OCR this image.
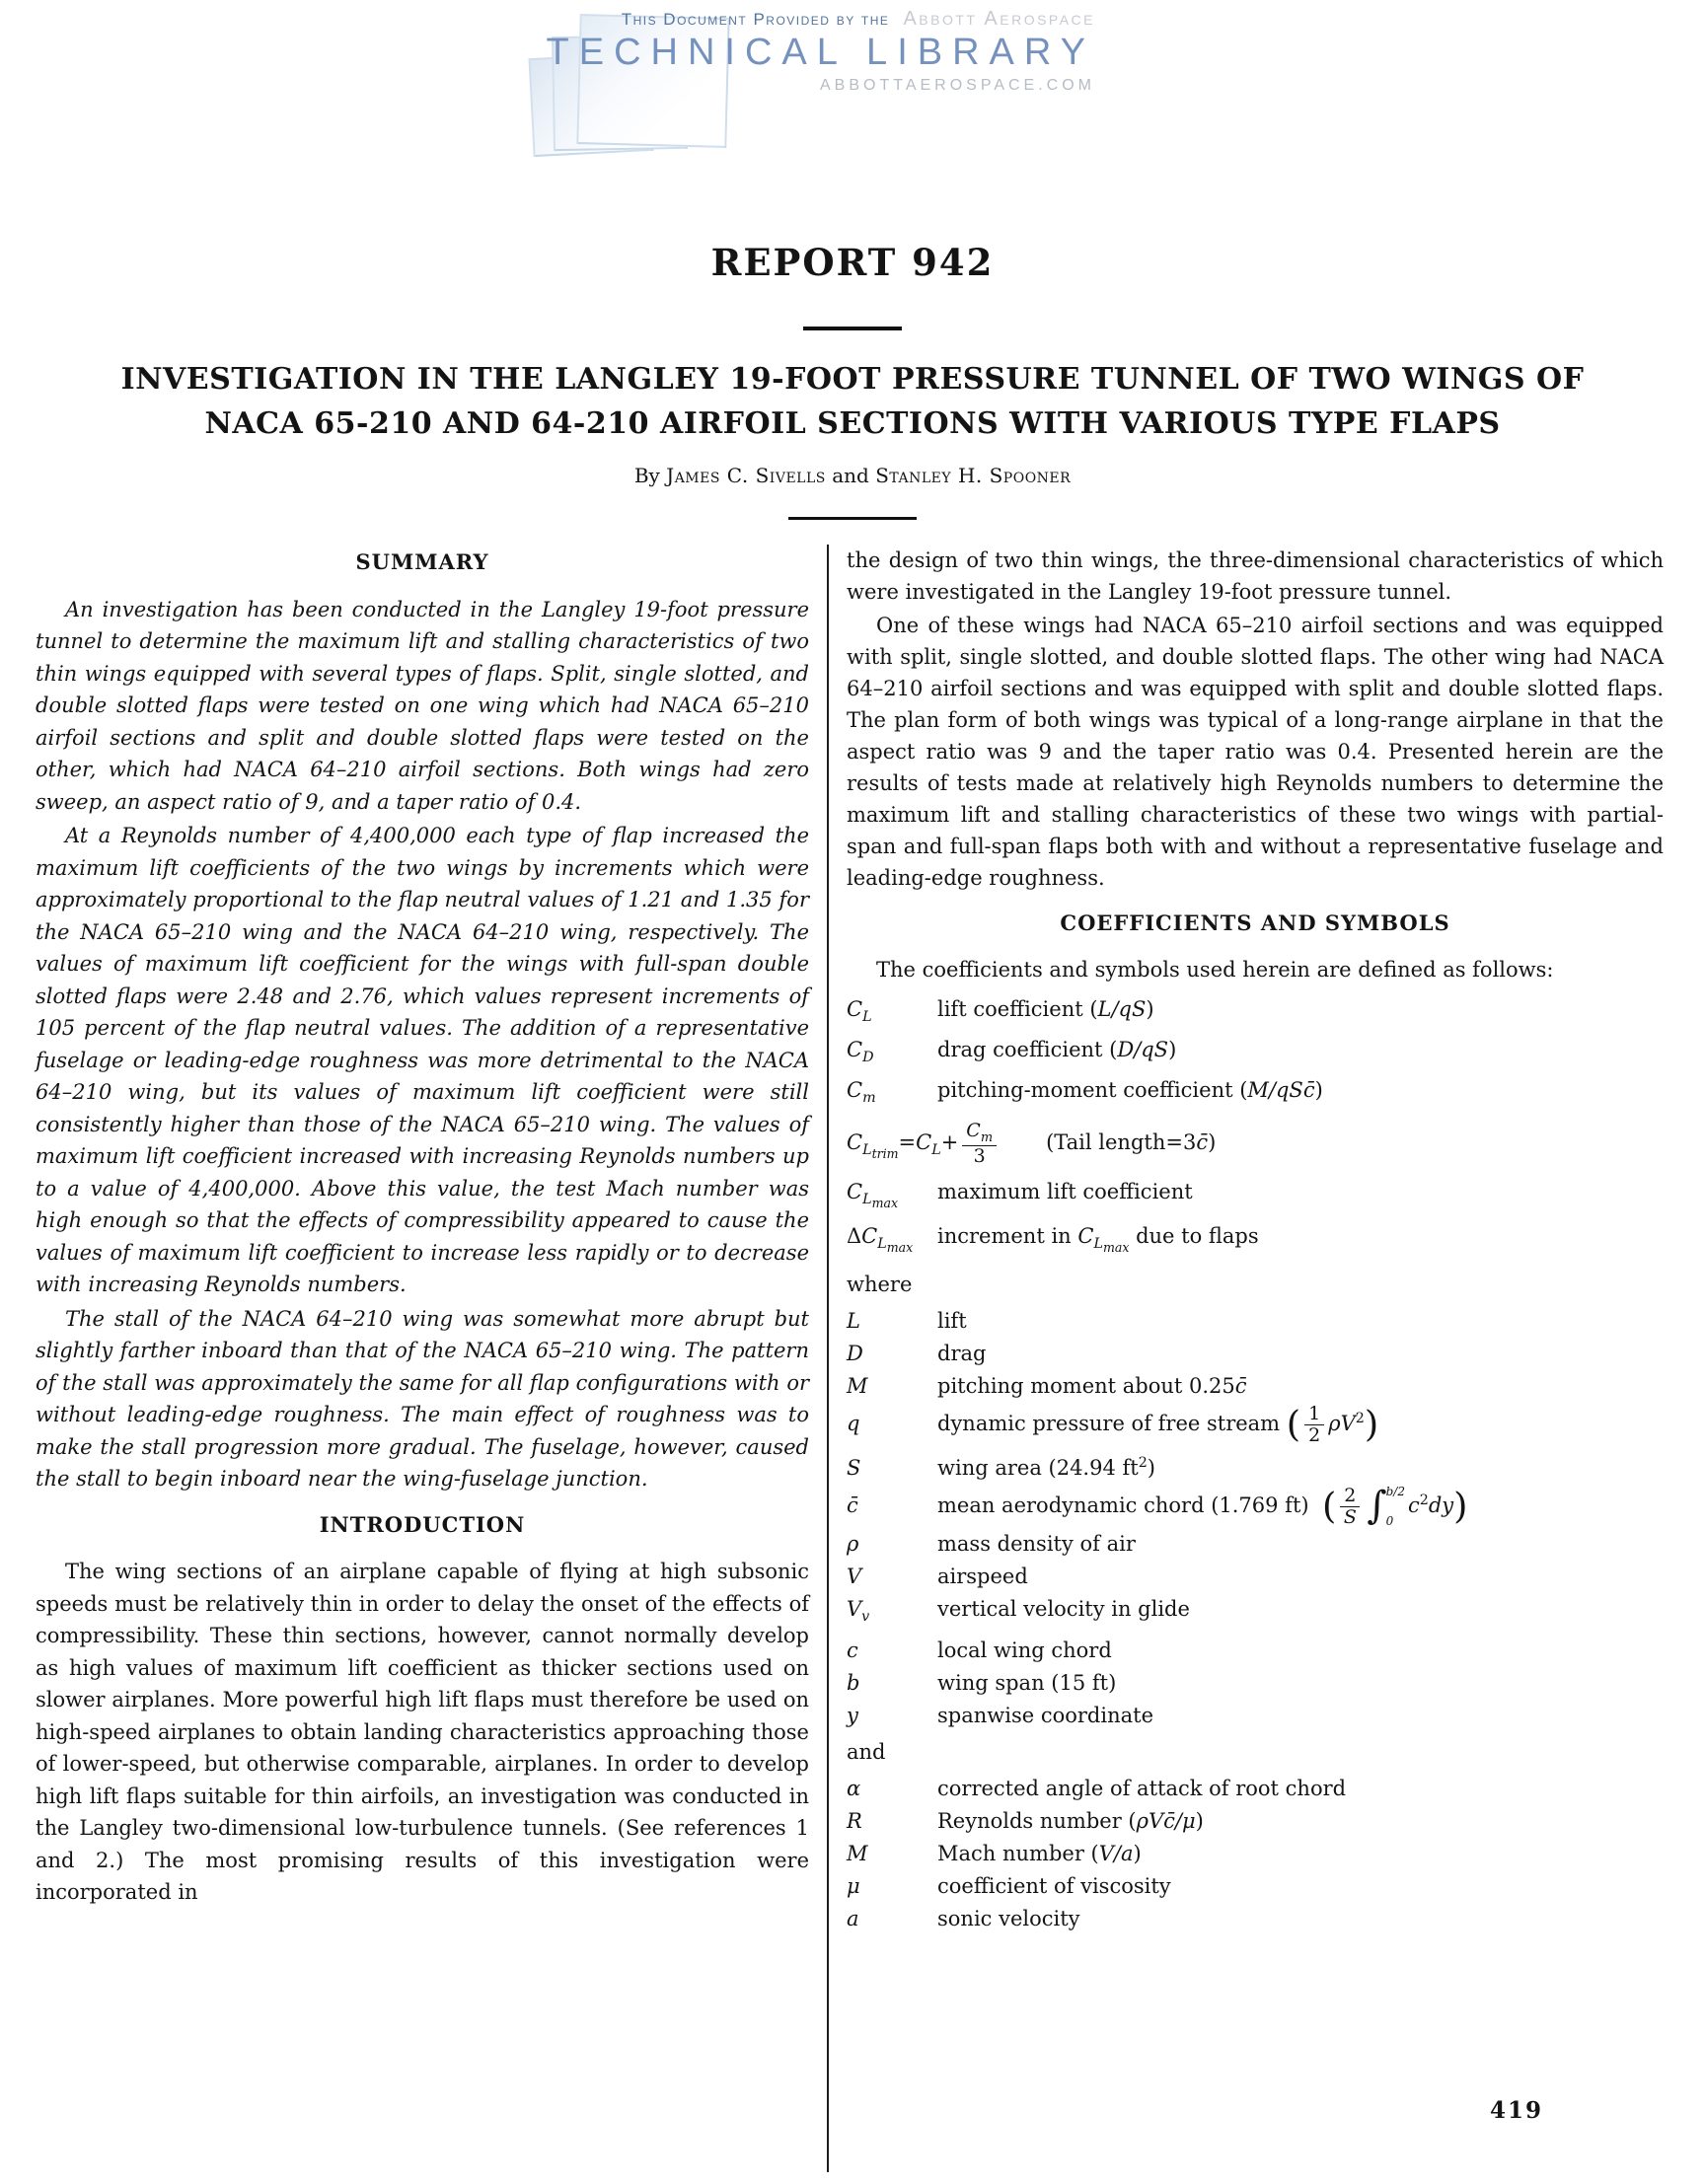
This Document Provided by the Abbott Aerospace
TECHNICAL LIBRARY
ABBOTTAEROSPACE.COM
REPORT 942
INVESTIGATION IN THE LANGLEY 19-FOOT PRESSURE TUNNEL OF TWO WINGS OF
NACA 65-210 AND 64-210 AIRFOIL SECTIONS WITH VARIOUS TYPE FLAPS
By James C. Sivells and Stanley H. Spooner
SUMMARY

An investigation has been conducted in the Langley 19-foot pressure tunnel to determine the maximum lift and stalling characteristics of two thin wings equipped with several types of flaps. Split, single slotted, and double slotted flaps were tested on one wing which had NACA 65–210 airfoil sections and split and double slotted flaps were tested on the other, which had NACA 64–210 airfoil sections. Both wings had zero sweep, an aspect ratio of 9, and a taper ratio of 0.4.

At a Reynolds number of 4,400,000 each type of flap increased the maximum lift coefficients of the two wings by increments which were approximately proportional to the flap neutral values of 1.21 and 1.35 for the NACA 65–210 wing and the NACA 64–210 wing, respectively. The values of maximum lift coefficient for the wings with full-span double slotted flaps were 2.48 and 2.76, which values represent increments of 105 percent of the flap neutral values. The addition of a representative fuselage or leading-edge roughness was more detrimental to the NACA 64–210 wing, but its values of maximum lift coefficient were still consistently higher than those of the NACA 65–210 wing. The values of maximum lift coefficient increased with increasing Reynolds numbers up to a value of 4,400,000. Above this value, the test Mach number was high enough so that the effects of compressibility appeared to cause the values of maximum lift coefficient to increase less rapidly or to decrease with increasing Reynolds numbers.

The stall of the NACA 64–210 wing was somewhat more abrupt but slightly farther inboard than that of the NACA 65–210 wing. The pattern of the stall was approximately the same for all flap configurations with or without leading-edge roughness. The main effect of roughness was to make the stall progression more gradual. The fuselage, however, caused the stall to begin inboard near the wing-fuselage junction.

INTRODUCTION

The wing sections of an airplane capable of flying at high subsonic speeds must be relatively thin in order to delay the onset of the effects of compressibility. These thin sections, however, cannot normally develop as high values of maximum lift coefficient as thicker sections used on slower airplanes. More powerful high lift flaps must therefore be used on high-speed airplanes to obtain landing characteristics approaching those of lower-speed, but otherwise comparable, airplanes. In order to develop high lift flaps suitable for thin airfoils, an investigation was conducted in the Langley two-dimensional low-turbulence tunnels. (See references 1 and 2.) The most promising results of this investigation were incorporated in

the design of two thin wings, the three-dimensional characteristics of which were investigated in the Langley 19-foot pressure tunnel.

One of these wings had NACA 65–210 airfoil sections and was equipped with split, single slotted, and double slotted flaps. The other wing had NACA 64–210 airfoil sections and was equipped with split and double slotted flaps. The plan form of both wings was typical of a long-range airplane in that the aspect ratio was 9 and the taper ratio was 0.4. Presented herein are the results of tests made at relatively high Reynolds numbers to determine the maximum lift and stalling characteristics of these two wings with partial-span and full-span flaps both with and without a representative fuselage and leading-edge roughness.

COEFFICIENTS AND SYMBOLS

The coefficients and symbols used herein are defined as follows:

$C_L$	lift coefficient (L/qS)
$C_D$	drag coefficient (D/qS)
$C_m$	pitching-moment coefficient (M/qSc̄)
$C_{L_{trim}}=C_L+ \frac{C_m}{3}$ (Tail length=3c̄)
$C_{L_{max}}$	maximum lift coefficient
$\Delta C_{L_{max}}$	increment in $C_{L_{max}}$ due to flaps
where
L	lift
D	drag
M	pitching moment about 0.25c̄
q	dynamic pressure of free stream ( $\frac{1}{2} \rho V^2$)
S	wing area (24.94 $ft^2$)
c̄	mean aerodynamic chord (1.769 ft)  ( $\frac{2}{S}$ ∫ b/2
0
$c^2dy$)
ρ	mass density of air
V	airspeed
$V_v$	vertical velocity in glide
c	local wing chord
b	wing span (15 ft)
y	spanwise coordinate
and
α	corrected angle of attack of root chord
R	Reynolds number (ρVc̄/μ)
M	Mach number (V/a)
μ	coefficient of viscosity
a	sonic velocity
419
